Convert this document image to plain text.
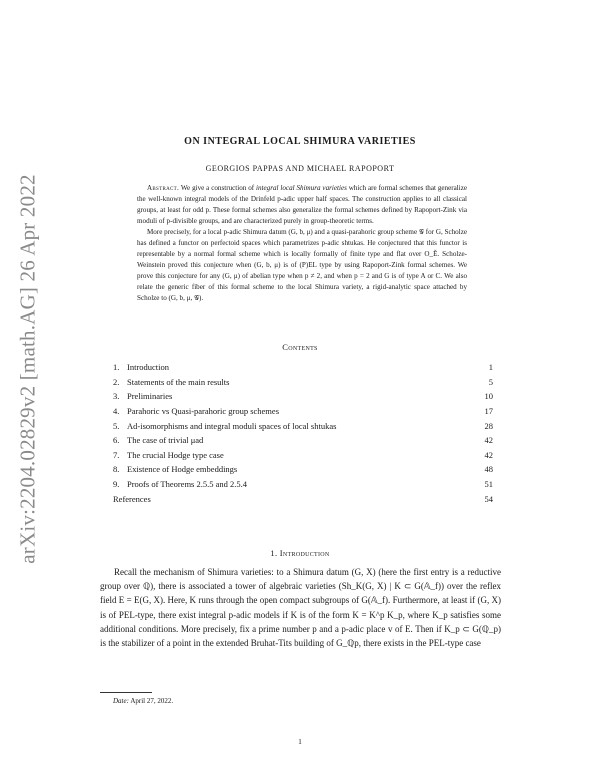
arXiv:2204.02829v2 [math.AG] 26 Apr 2022
ON INTEGRAL LOCAL SHIMURA VARIETIES
GEORGIOS PAPPAS AND MICHAEL RAPOPORT

Abstract. We give a construction of integral local Shimura varieties which are formal schemes that generalize the well-known integral models of the Drinfeld p-adic upper half spaces. The construction applies to all classical groups, at least for odd p. These formal schemes also generalize the formal schemes defined by Rapoport-Zink via moduli of p-divisible groups, and are characterized purely in group-theoretic terms.

More precisely, for a local p-adic Shimura datum (G, b, μ) and a quasi-parahoric group scheme 𝒢 for G, Scholze has defined a functor on perfectoid spaces which parametrizes p-adic shtukas. He conjectured that this functor is representable by a normal formal scheme which is locally formally of finite type and flat over O_Ĕ. Scholze-Weinstein proved this conjecture when (G, b, μ) is of (P)EL type by using Rapoport-Zink formal schemes. We prove this conjecture for any (G, μ) of abelian type when p ≠ 2, and when p = 2 and G is of type A or C. We also relate the generic fiber of this formal scheme to the local Shimura variety, a rigid-analytic space attached by Scholze to (G, b, μ, 𝒢).

Contents
1. Introduction	1
2. Statements of the main results	5
3. Preliminaries	10
4. Parahoric vs Quasi-parahoric group schemes	17
5. Ad-isomorphisms and integral moduli spaces of local shtukas	28
6. The case of trivial μad	42
7. The crucial Hodge type case	42
8. Existence of Hodge embeddings	48
9. Proofs of Theorems 2.5.5 and 2.5.4	51
References	54
1. Introduction

Recall the mechanism of Shimura varieties: to a Shimura datum (G, X) (here the first entry is a reductive group over ℚ), there is associated a tower of algebraic varieties (Sh_K(G, X) | K ⊂ G(𝔸_f)) over the reflex field E = E(G, X). Here, K runs through the open compact subgroups of G(𝔸_f). Furthermore, at least if (G, X) is of PEL-type, there exist integral p-adic models if K is of the form K = K^p K_p, where K_p satisfies some additional conditions. More precisely, fix a prime number p and a p-adic place v of E. Then if K_p ⊂ G(ℚ_p) is the stabilizer of a point in the extended Bruhat-Tits building of G_ℚp, there exists in the PEL-type case

Date: April 27, 2022.
1
